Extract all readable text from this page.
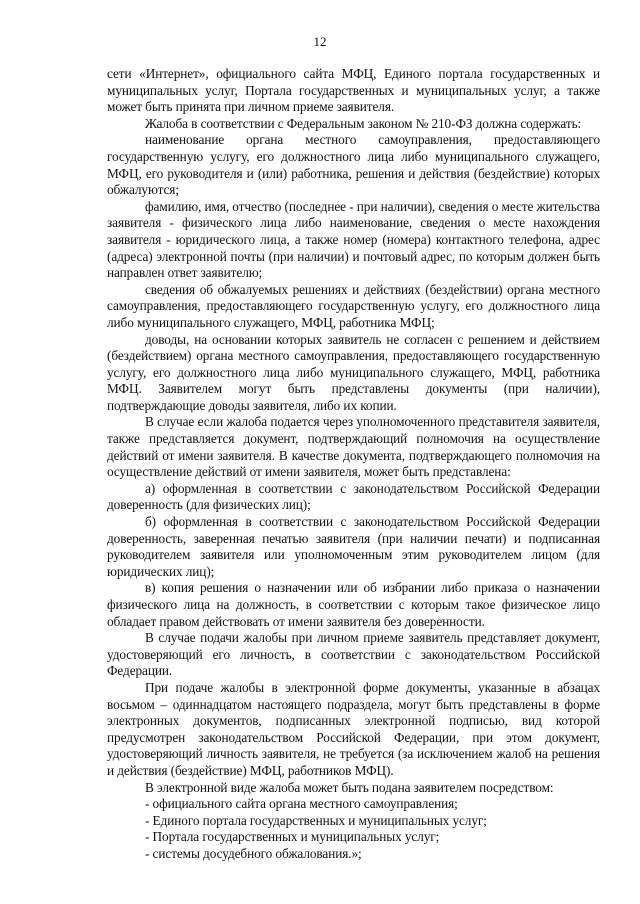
12

сети «Интернет», официального сайта МФЦ, Единого портала государственных и муниципальных услуг, Портала государственных и муниципальных услуг, а также может быть принята при личном приеме заявителя.

Жалоба в соответствии с Федеральным законом № 210-ФЗ должна содержать:

наименование органа местного самоуправления, предоставляющего государственную услугу, его должностного лица либо муниципального служащего, МФЦ, его руководителя и (или) работника, решения и действия (бездействие) которых обжалуются;

фамилию, имя, отчество (последнее - при наличии), сведения о месте жительства заявителя - физического лица либо наименование, сведения о месте нахождения заявителя - юридического лица, а также номер (номера) контактного телефона, адрес (адреса) электронной почты (при наличии) и почтовый адрес, по которым должен быть направлен ответ заявителю;

сведения об обжалуемых решениях и действиях (бездействии) органа местного самоуправления, предоставляющего государственную услугу, его должностного лица либо муниципального служащего, МФЦ, работника МФЦ;

доводы, на основании которых заявитель не согласен с решением и действием (бездействием) органа местного самоуправления, предоставляющего государственную услугу, его должностного лица либо муниципального служащего, МФЦ, работника МФЦ. Заявителем могут быть представлены документы (при наличии), подтверждающие доводы заявителя, либо их копии.

В случае если жалоба подается через уполномоченного представителя заявителя, также представляется документ, подтверждающий полномочия на осуществление действий от имени заявителя. В качестве документа, подтверждающего полномочия на осуществление действий от имени заявителя, может быть представлена:

а) оформленная в соответствии с законодательством Российской Федерации доверенность (для физических лиц);

б) оформленная в соответствии с законодательством Российской Федерации доверенность, заверенная печатью заявителя (при наличии печати) и подписанная руководителем заявителя или уполномоченным этим руководителем лицом (для юридических лиц);

в) копия решения о назначении или об избрании либо приказа о назначении физического лица на должность, в соответствии с которым такое физическое лицо обладает правом действовать от имени заявителя без доверенности.

В случае подачи жалобы при личном приеме заявитель представляет документ, удостоверяющий его личность, в соответствии с законодательством Российской Федерации.

При подаче жалобы в электронной форме документы, указанные в абзацах восьмом – одиннадцатом настоящего подраздела, могут быть представлены в форме электронных документов, подписанных электронной подписью, вид которой предусмотрен законодательством Российской Федерации, при этом документ, удостоверяющий личность заявителя, не требуется (за исключением жалоб на решения и действия (бездействие) МФЦ, работников МФЦ).

В электронной виде жалоба может быть подана заявителем посредством:

- официального сайта органа местного самоуправления;

- Единого портала государственных и муниципальных услуг;

- Портала государственных и муниципальных услуг;

- системы досудебного обжалования.»;
